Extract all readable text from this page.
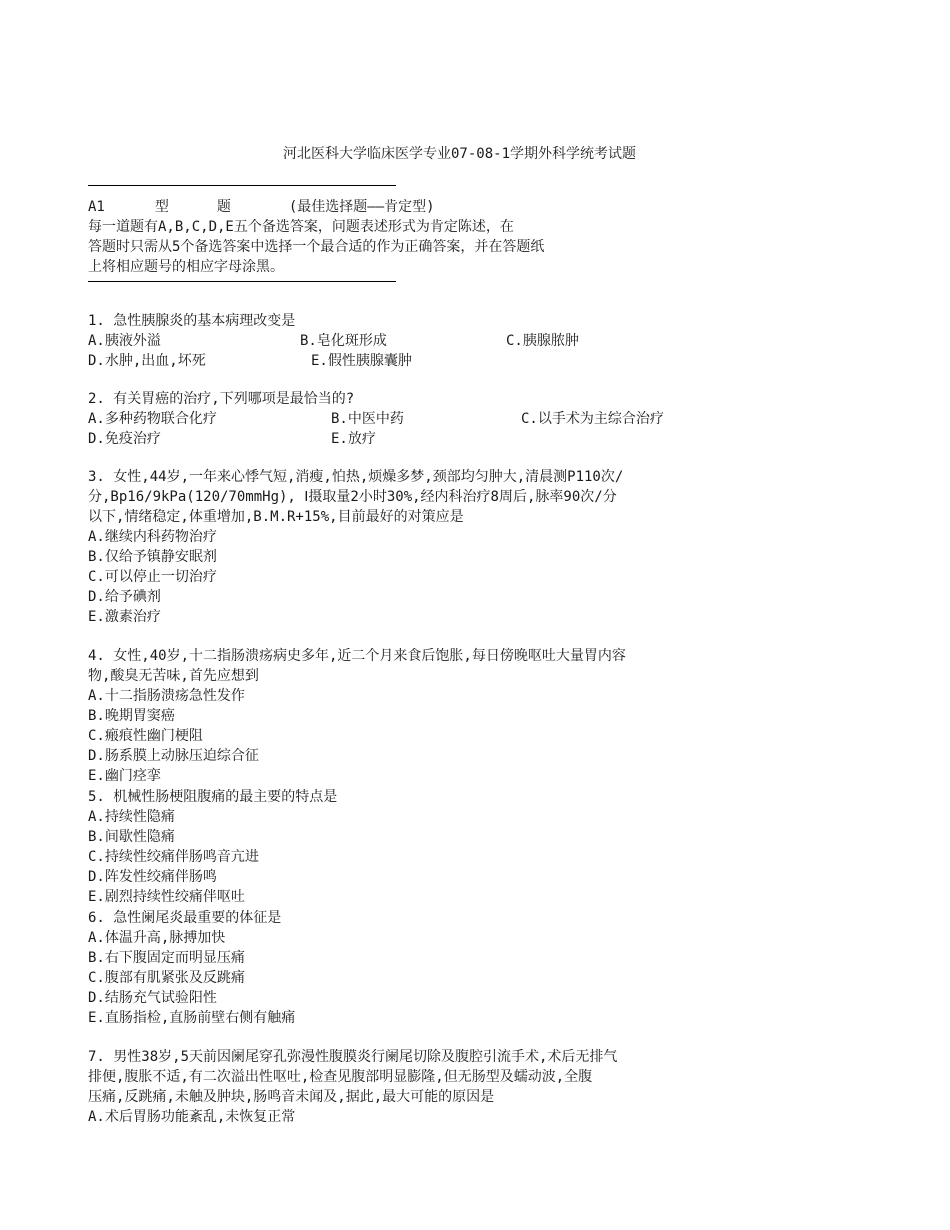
河北医科大学临床医学专业07-08-1学期外科学统考试题
A1	型	题	(最佳选择题——肯定型)
每一道题有A,B,C,D,E五个备选答案，问题表述形式为肯定陈述，在
答题时只需从5个备选答案中选择一个最合适的作为正确答案，并在答题纸
上将相应题号的相应字母涂黑。
1. 急性胰腺炎的基本病理改变是
A.胰液外溢	B.皂化斑形成	C.胰腺脓肿
D.水肿,出血,坏死	E.假性胰腺囊肿
2. 有关胃癌的治疗,下列哪项是最恰当的?
A.多种药物联合化疗	B.中医中药	C.以手术为主综合治疗
D.免疫治疗	E.放疗
3. 女性,44岁,一年来心悸气短,消瘦,怕热,烦燥多梦,颈部均匀肿大,清晨测P110次/
分,Bp16/9kPa(120/70mmHg), Ⅰ摄取量2小时30%,经内科治疗8周后,脉率90次/分
以下,情绪稳定,体重增加,B.M.R+15%,目前最好的对策应是
A.继续内科药物治疗
B.仅给予镇静安眠剂
C.可以停止一切治疗
D.给予碘剂
E.激素治疗
4. 女性,40岁,十二指肠溃疡病史多年,近二个月来食后饱胀,每日傍晚呕吐大量胃内容
物,酸臭无苦味,首先应想到
A.十二指肠溃疡急性发作
B.晚期胃窦癌
C.瘢痕性幽门梗阻
D.肠系膜上动脉压迫综合征
E.幽门痉挛
5. 机械性肠梗阻腹痛的最主要的特点是
A.持续性隐痛
B.间歇性隐痛
C.持续性绞痛伴肠鸣音亢进
D.阵发性绞痛伴肠鸣
E.剧烈持续性绞痛伴呕吐
6. 急性阑尾炎最重要的体征是
A.体温升高,脉搏加快
B.右下腹固定而明显压痛
C.腹部有肌紧张及反跳痛
D.结肠充气试验阳性
E.直肠指检,直肠前壁右侧有触痛
7. 男性38岁,5天前因阑尾穿孔弥漫性腹膜炎行阑尾切除及腹腔引流手术,术后无排气
排便,腹胀不适,有二次溢出性呕吐,检查见腹部明显膨隆,但无肠型及蠕动波,全腹
压痛,反跳痛,未触及肿块,肠鸣音未闻及,据此,最大可能的原因是
A.术后胃肠功能紊乱,未恢复正常
